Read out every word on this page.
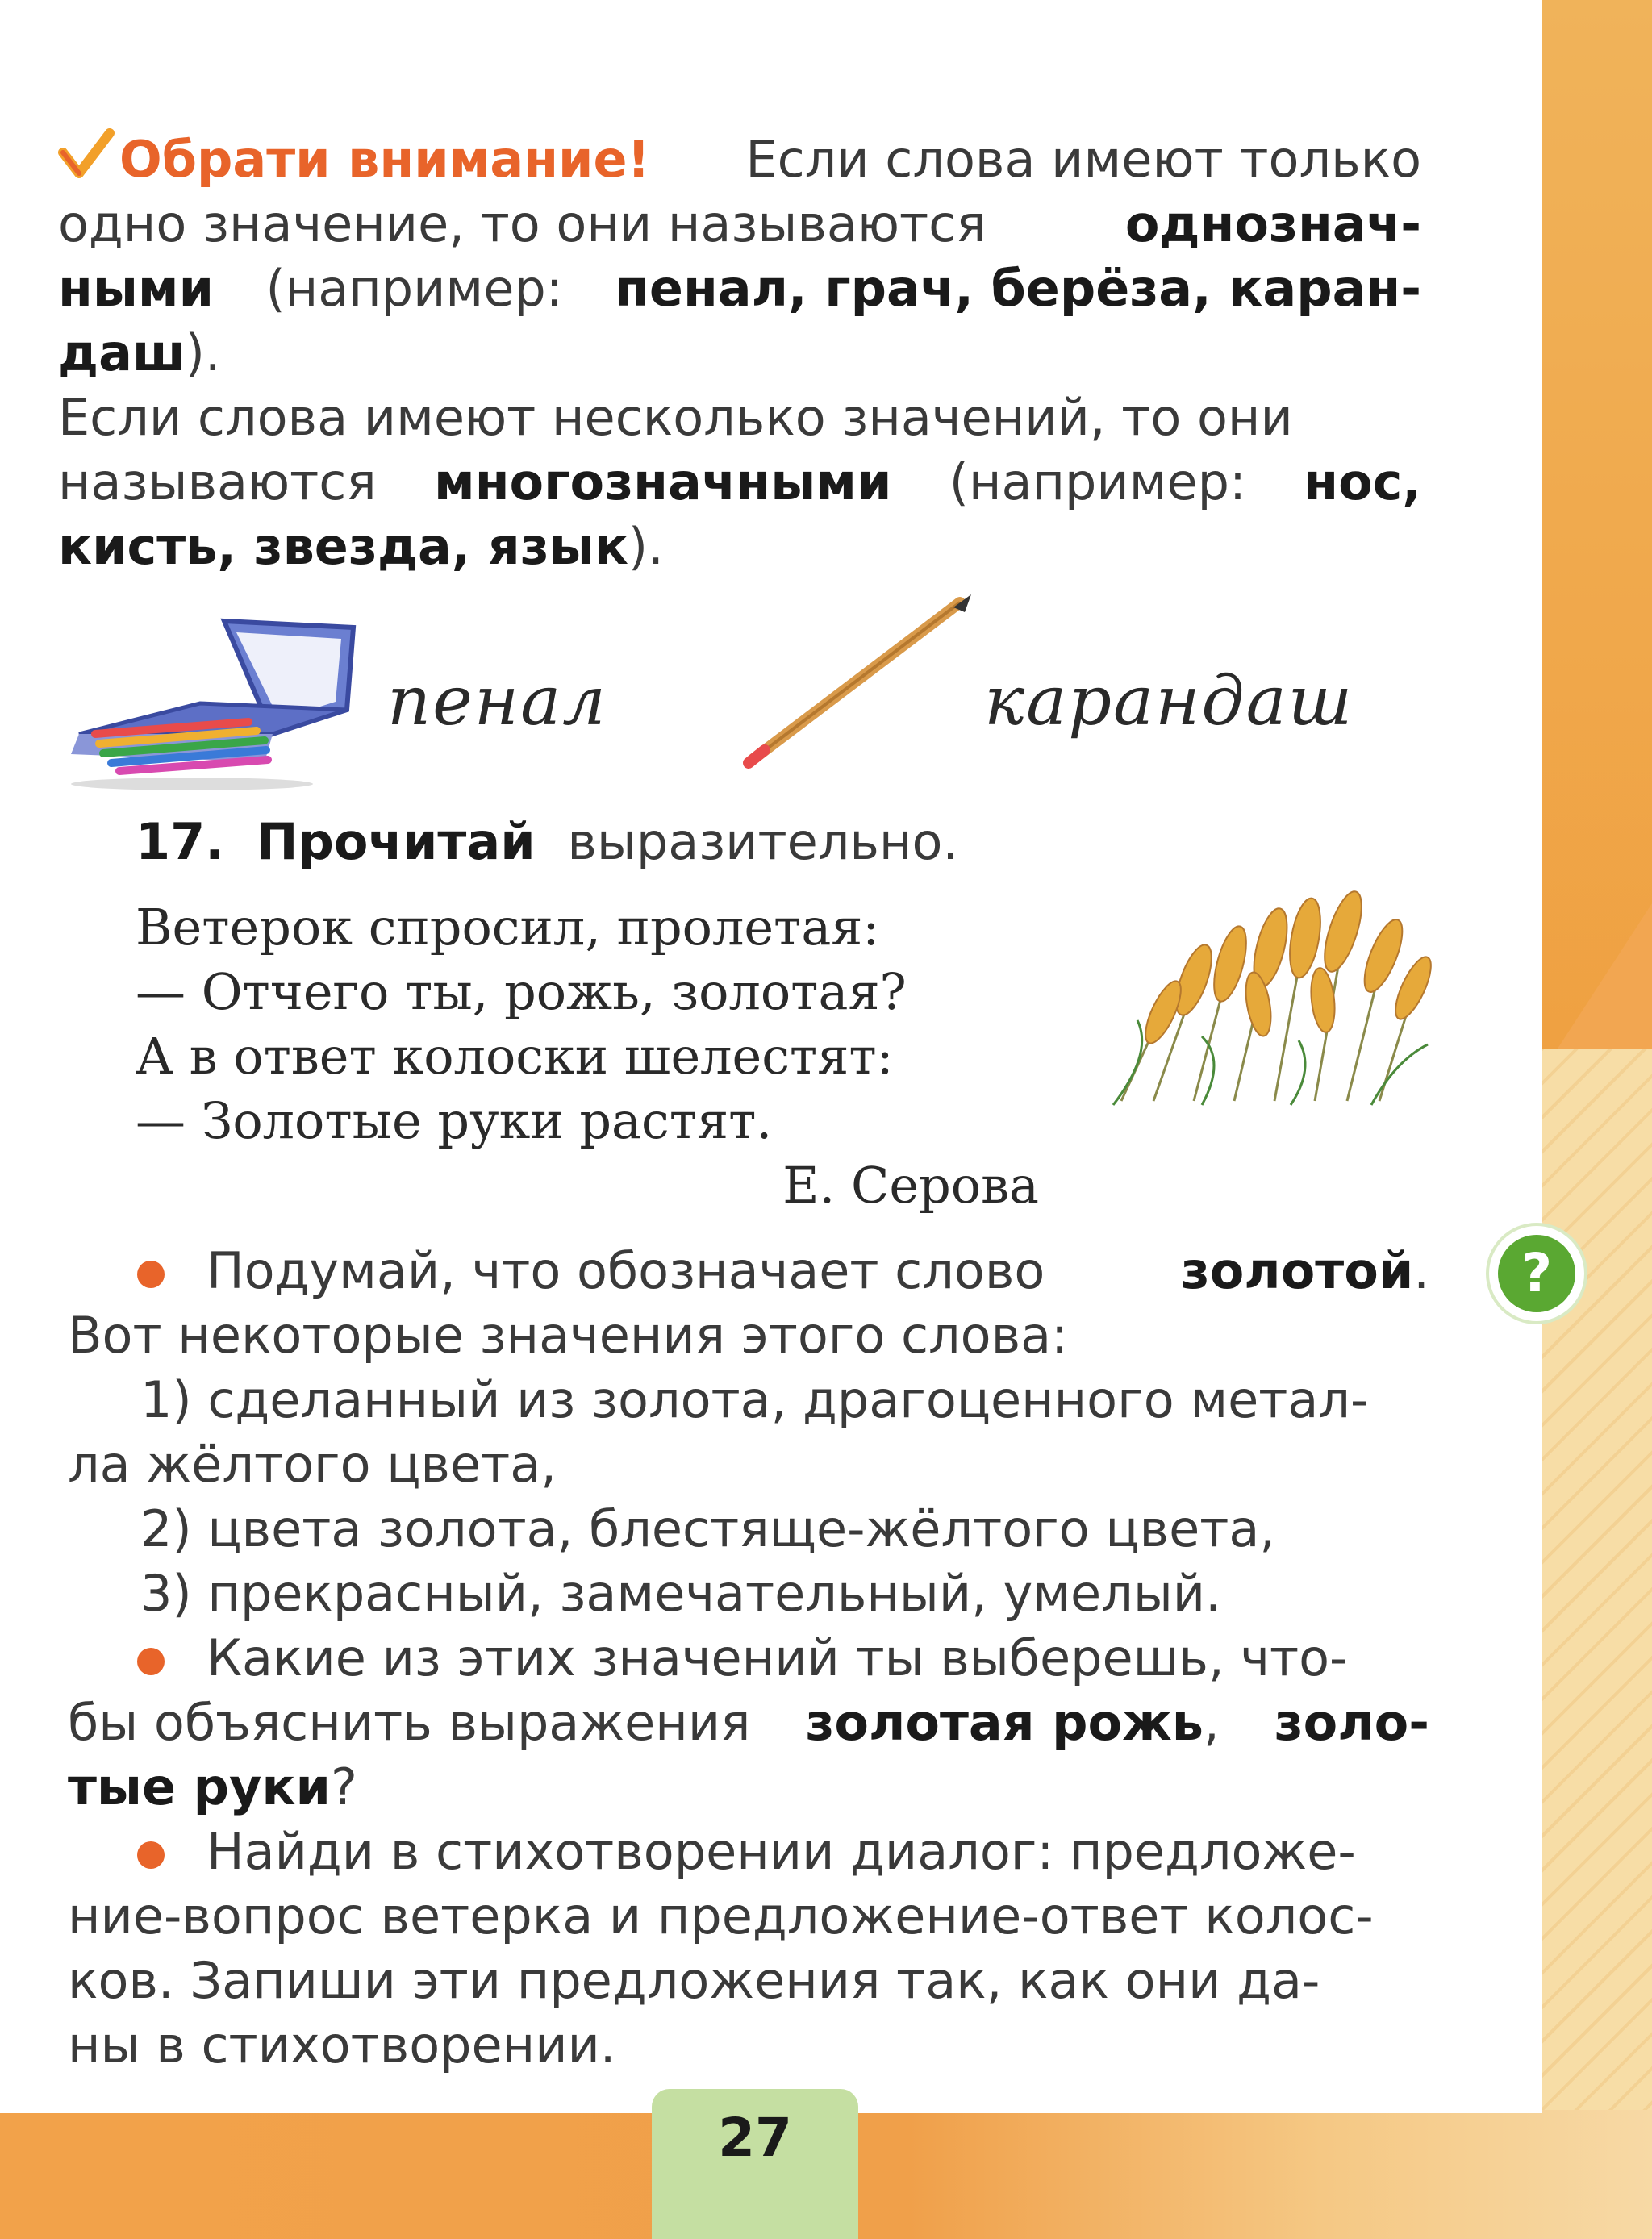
Обрати внимание! Если слова имеют только
одно значение, то они называются	однознач-
ными (например: пенал, грач, берёза, каран-
даш ).
Если слова имеют несколько значений, то они
называются многозначными (например: нос,
кисть, звезда, язык ).
пенал	карандаш
17. Прочитай выразительно.
Ветерок спросил, пролетая:
— Отчего ты, рожь, золотая?
А в ответ колоски шелестят:
— Золотые руки растят.
Е. Серова
Подумай, что обозначает слово	золотой.
Вот некоторые значения этого слова:
1) сделанный из золота, драгоценного метал-
ла жёлтого цвета,
2) цвета золота, блестяще-жёлтого цвета,
3) прекрасный, замечательный, умелый.
Какие из этих значений ты выберешь, что-
бы объяснить выражения золотая рожь, золо-
тые руки ?
Найди в стихотворении диалог: предложе-
ние-вопрос ветерка и предложение-ответ колос-
ков. Запиши эти предложения так, как они да-
ны в стихотворении.
?
27
